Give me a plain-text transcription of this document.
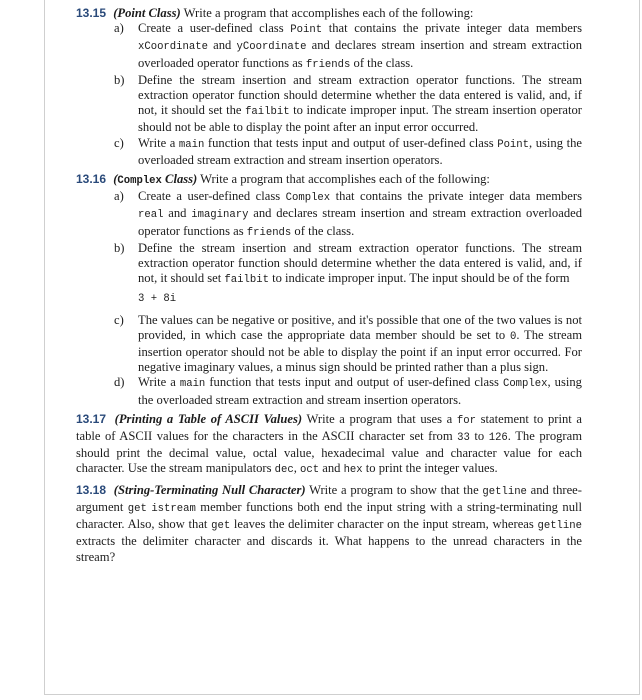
13.15 (Point Class) Write a program that accomplishes each of the following:
a) Create a user-defined class Point that contains the private integer data members xCoordinate and yCoordinate and declares stream insertion and stream extraction overloaded operator functions as friends of the class.
b) Define the stream insertion and stream extraction operator functions. The stream extraction operator function should determine whether the data entered is valid, and, if not, it should set the failbit to indicate improper input. The stream insertion operator should not be able to display the point after an input error occurred.
c) Write a main function that tests input and output of user-defined class Point, using the overloaded stream extraction and stream insertion operators.
13.16 (Complex Class) Write a program that accomplishes each of the following:
a) Create a user-defined class Complex that contains the private integer data members real and imaginary and declares stream insertion and stream extraction overloaded operator functions as friends of the class.
b) Define the stream insertion and stream extraction operator functions. The stream extraction operator function should determine whether the data entered is valid, and, if not, it should set failbit to indicate improper input. The input should be of the form
3 + 8i
c) The values can be negative or positive, and it's possible that one of the two values is not provided, in which case the appropriate data member should be set to 0. The stream insertion operator should not be able to display the point if an input error occurred. For negative imaginary values, a minus sign should be printed rather than a plus sign.
d) Write a main function that tests input and output of user-defined class Complex, using the overloaded stream extraction and stream insertion operators.
13.17 (Printing a Table of ASCII Values) Write a program that uses a for statement to print a table of ASCII values for the characters in the ASCII character set from 33 to 126. The program should print the decimal value, octal value, hexadecimal value and character value for each character. Use the stream manipulators dec, oct and hex to print the integer values.
13.18 (String-Terminating Null Character) Write a program to show that the getline and three-argument get istream member functions both end the input string with a string-terminating null character. Also, show that get leaves the delimiter character on the input stream, whereas getline extracts the delimiter character and discards it. What happens to the unread characters in the stream?
